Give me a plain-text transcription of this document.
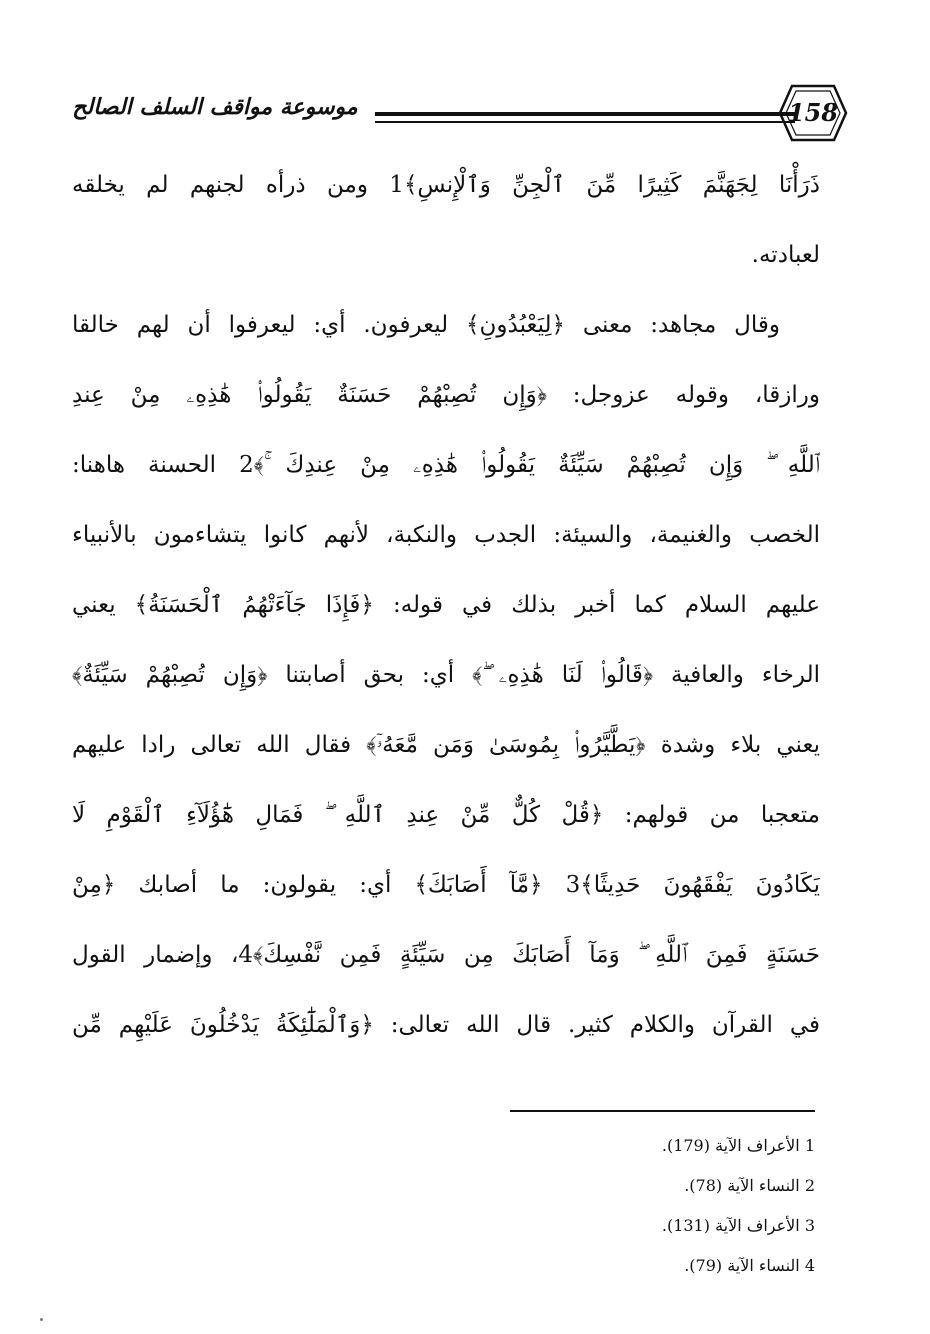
موسوعة مواقف السلف الصالح	158
ذَرَأْنَا لِجَهَنَّمَ كَثِيرًا مِّنَ ٱلْجِنِّ وَٱلْإِنسِ﴾1 ومن ذرأه لجنهم لم يخلقه
لعبادته.
وقال مجاهد: معنى ﴿لِيَعْبُدُونِ﴾ ليعرفون. أي: ليعرفوا أن لهم خالقا
ورازقا، وقوله عزوجل: ﴿وَإِن تُصِبْهُمْ حَسَنَةٌ يَقُولُوا۟ هَٰذِهِۦ مِنْ عِندِ
ٱللَّهِ ۖ وَإِن تُصِبْهُمْ سَيِّئَةٌ يَقُولُوا۟ هَٰذِهِۦ مِنْ عِندِكَ ۚ﴾2 الحسنة هاهنا:
الخصب والغنيمة، والسيئة: الجدب والنكبة، لأنهم كانوا يتشاءمون بالأنبياء
عليهم السلام كما أخبر بذلك في قوله: ﴿فَإِذَا جَآءَتْهُمُ ٱلْحَسَنَةُ﴾ يعني
الرخاء والعافية ﴿قَالُوا۟ لَنَا هَٰذِهِۦ ۖ﴾ أي: بحق أصابتنا ﴿وَإِن تُصِبْهُمْ سَيِّئَةٌ﴾
يعني بلاء وشدة ﴿يَطَّيَّرُوا۟ بِمُوسَىٰ وَمَن مَّعَهُۥٓ﴾ فقال الله تعالى رادا عليهم
متعجبا من قولهم: ﴿قُلْ كُلٌّ مِّنْ عِندِ ٱللَّهِ ۖ فَمَالِ هَٰٓؤُلَآءِ ٱلْقَوْمِ لَا
يَكَادُونَ يَفْقَهُونَ حَدِيثًا﴾3 ﴿مَّآ أَصَابَكَ﴾ أي: يقولون: ما أصابك ﴿مِنْ
حَسَنَةٍ فَمِنَ ٱللَّهِ ۖ وَمَآ أَصَابَكَ مِن سَيِّئَةٍ فَمِن نَّفْسِكَ﴾4، وإضمار القول
في القرآن والكلام كثير. قال الله تعالى: ﴿وَٱلْمَلَٰٓئِكَةُ يَدْخُلُونَ عَلَيْهِم مِّن
1 الأعراف الآية (179).
2 النساء الآية (78).
3 الأعراف الآية (131).
4 النساء الآية (79).
